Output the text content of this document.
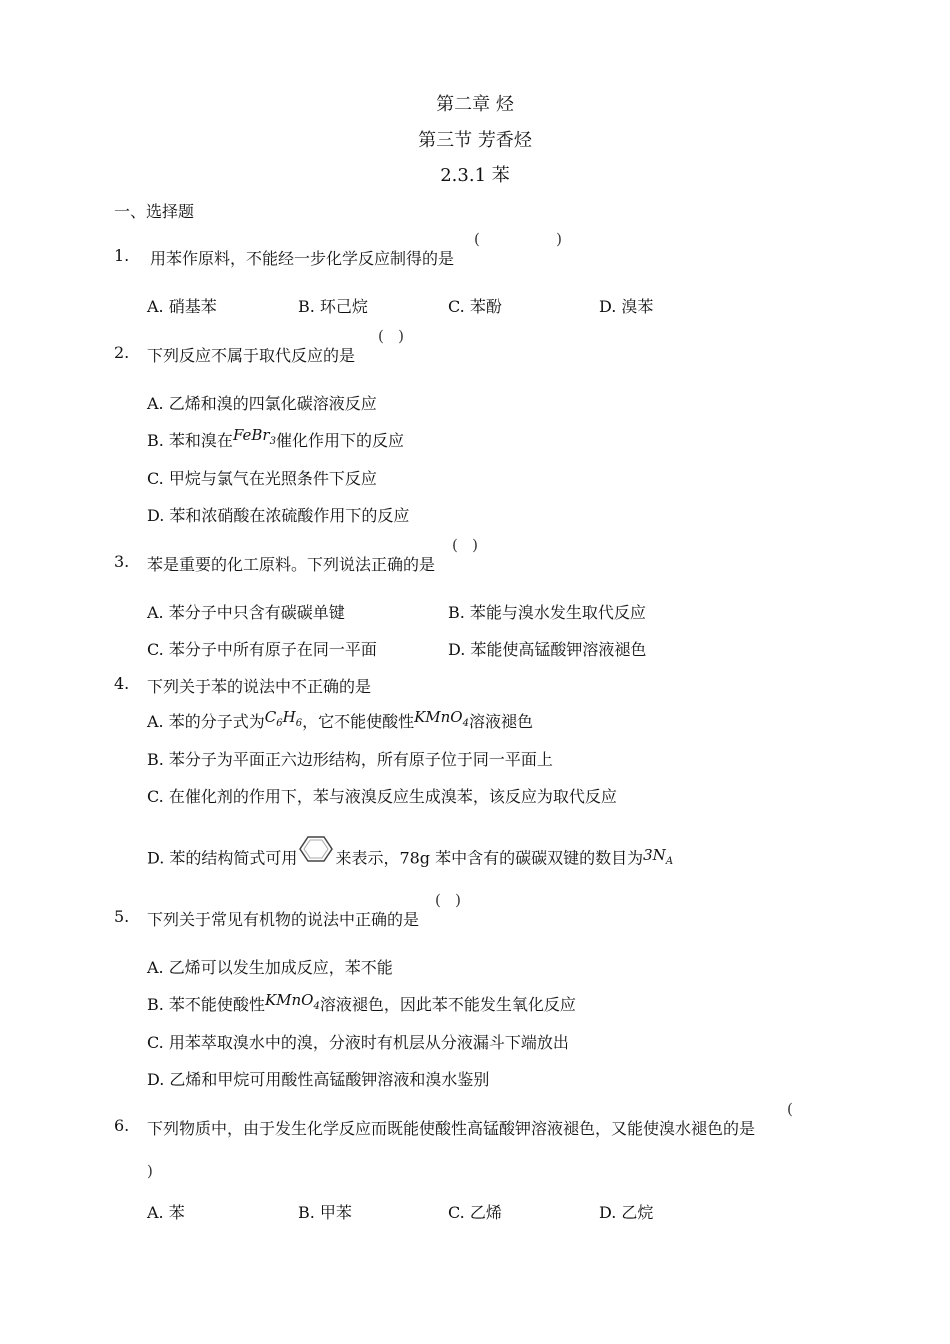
第二章 烃
第三节 芳香烃
2.3.1 苯
一、选择题
1. 用苯作原料，不能经一步化学反应制得的是
(                )
A. 硝基苯	B. 环己烷	C. 苯酚	D. 溴苯
2. 下列反应不属于取代反应的是
(   )
A. 乙烯和溴的四氯化碳溶液反应
B. 苯和溴在FeBr$_3$催化作用下的反应
C. 甲烷与氯气在光照条件下反应
D. 苯和浓硝酸在浓硫酸作用下的反应
3. 苯是重要的化工原料。下列说法正确的是
(   )
A. 苯分子中只含有碳碳单键	B. 苯能与溴水发生取代反应
C. 苯分子中所有原子在同一平面	D. 苯能使高锰酸钾溶液褪色
4. 下列关于苯的说法中不正确的是
A. 苯的分子式为$C_6H_6$，它不能使酸性KMnO$_4$溶液褪色
B. 苯分子为平面正六边形结构，所有原子位于同一平面上
C. 在催化剂的作用下，苯与液溴反应生成溴苯，该反应为取代反应
D. 苯的结构简式可用 来表示，78g 苯中含有的碳碳双键的数目为$3N_A$
5. 下列关于常见有机物的说法中正确的是
(   )
A. 乙烯可以发生加成反应，苯不能
B. 苯不能使酸性KMnO$_4$溶液褪色，因此苯不能发生氧化反应
C. 用苯萃取溴水中的溴，分液时有机层从分液漏斗下端放出
D. 乙烯和甲烷可用酸性高锰酸钾溶液和溴水鉴别
6. 下列物质中，由于发生化学反应而既能使酸性高锰酸钾溶液褪色，又能使溴水褪色的是
(
)
A. 苯	B. 甲苯	C. 乙烯	D. 乙烷
